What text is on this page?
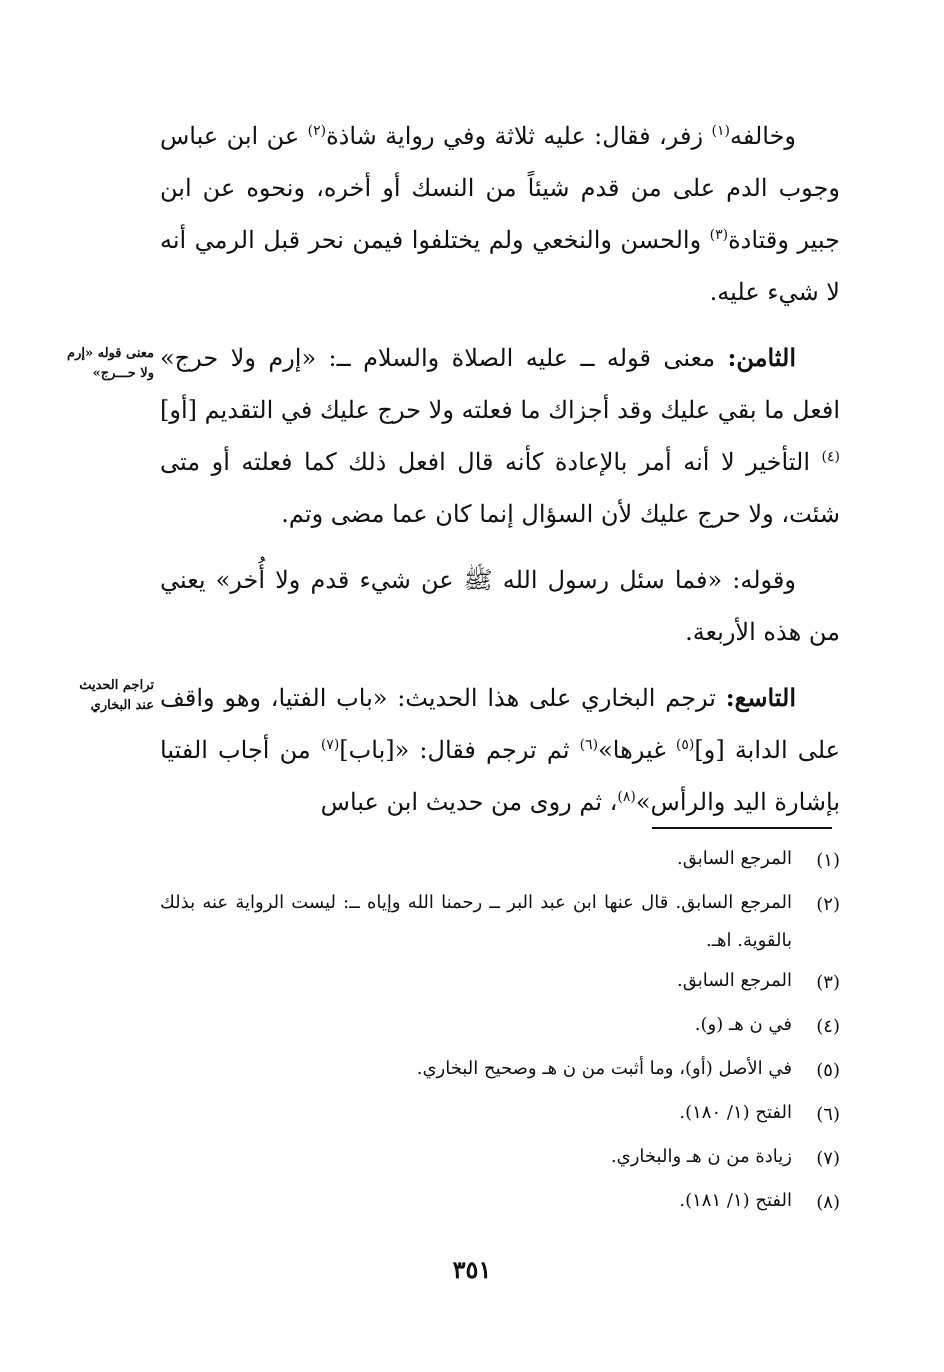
وخالفه$^{(١)}$ زفر، فقال: عليه ثلاثة وفي رواية شاذة$^{(٢)}$ عن ابن عباس وجوب الدم على من قدم شيئاً من النسك أو أخره، ونحوه عن ابن جبير وقتادة$^{(٣)}$ والحسن والنخعي ولم يختلفوا فيمن نحر قبل الرمي أنه لا شيء عليه.

الثامن: معنى قوله ــ عليه الصلاة والسلام ــ: «إرم ولا حرج» افعل ما بقي عليك وقد أجزاك ما فعلته ولا حرج عليك في التقديم [أو]$^{(٤)}$ التأخير لا أنه أمر بالإعادة كأنه قال افعل ذلك كما فعلته أو متى شئت، ولا حرج عليك لأن السؤال إنما كان عما مضى وتم.

وقوله: «فما سئل رسول الله ﷺ عن شيء قدم ولا أُخر» يعني من هذه الأربعة.

التاسع: ترجم البخاري على هذا الحديث: «باب الفتيا، وهو واقف على الدابة [و]$^{(٥)}$ غيرها»$^{(٦)}$ ثم ترجم فقال: «[باب]$^{(٧)}$ من أجاب الفتيا بإشارة اليد والرأس»$^{(٨)}$، ثم روى من حديث ابن عباس

معنى قوله «إرم ولا حـــرج»
تراجم الحديث عند البخاري
(١)
المرجع السابق.
(٢)
المرجع السابق. قال عنها ابن عبد البر ــ رحمنا الله وإياه ــ: ليست الرواية عنه بذلك بالقوية. اهـ.
(٣)
المرجع السابق.
(٤)
في ن هـ (و).
(٥)
في الأصل (أو)، وما أثبت من ن هـ وصحيح البخاري.
(٦)
الفتح (١/ ١٨٠).
(٧)
زيادة من ن هـ والبخاري.
(٨)
الفتح (١/ ١٨١).
٣٥١
